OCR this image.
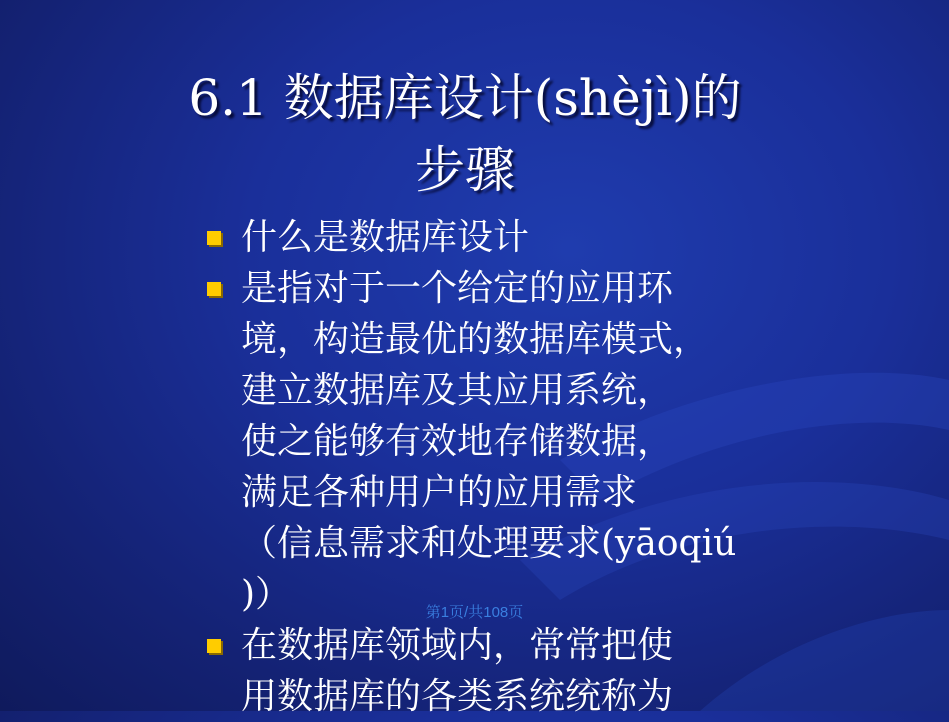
6.1 数据库设计(shèjì)的
步骤
什么是数据库设计
是指对于一个给定的应用环
境，构造最优的数据库模式，
建立数据库及其应用系统，
使之能够有效地存储数据，
满足各种用户的应用需求
（信息需求和处理要求(yāoqiú
)）
在数据库领域内，常常把使
用数据库的各类系统统称为
第1页/共108页
